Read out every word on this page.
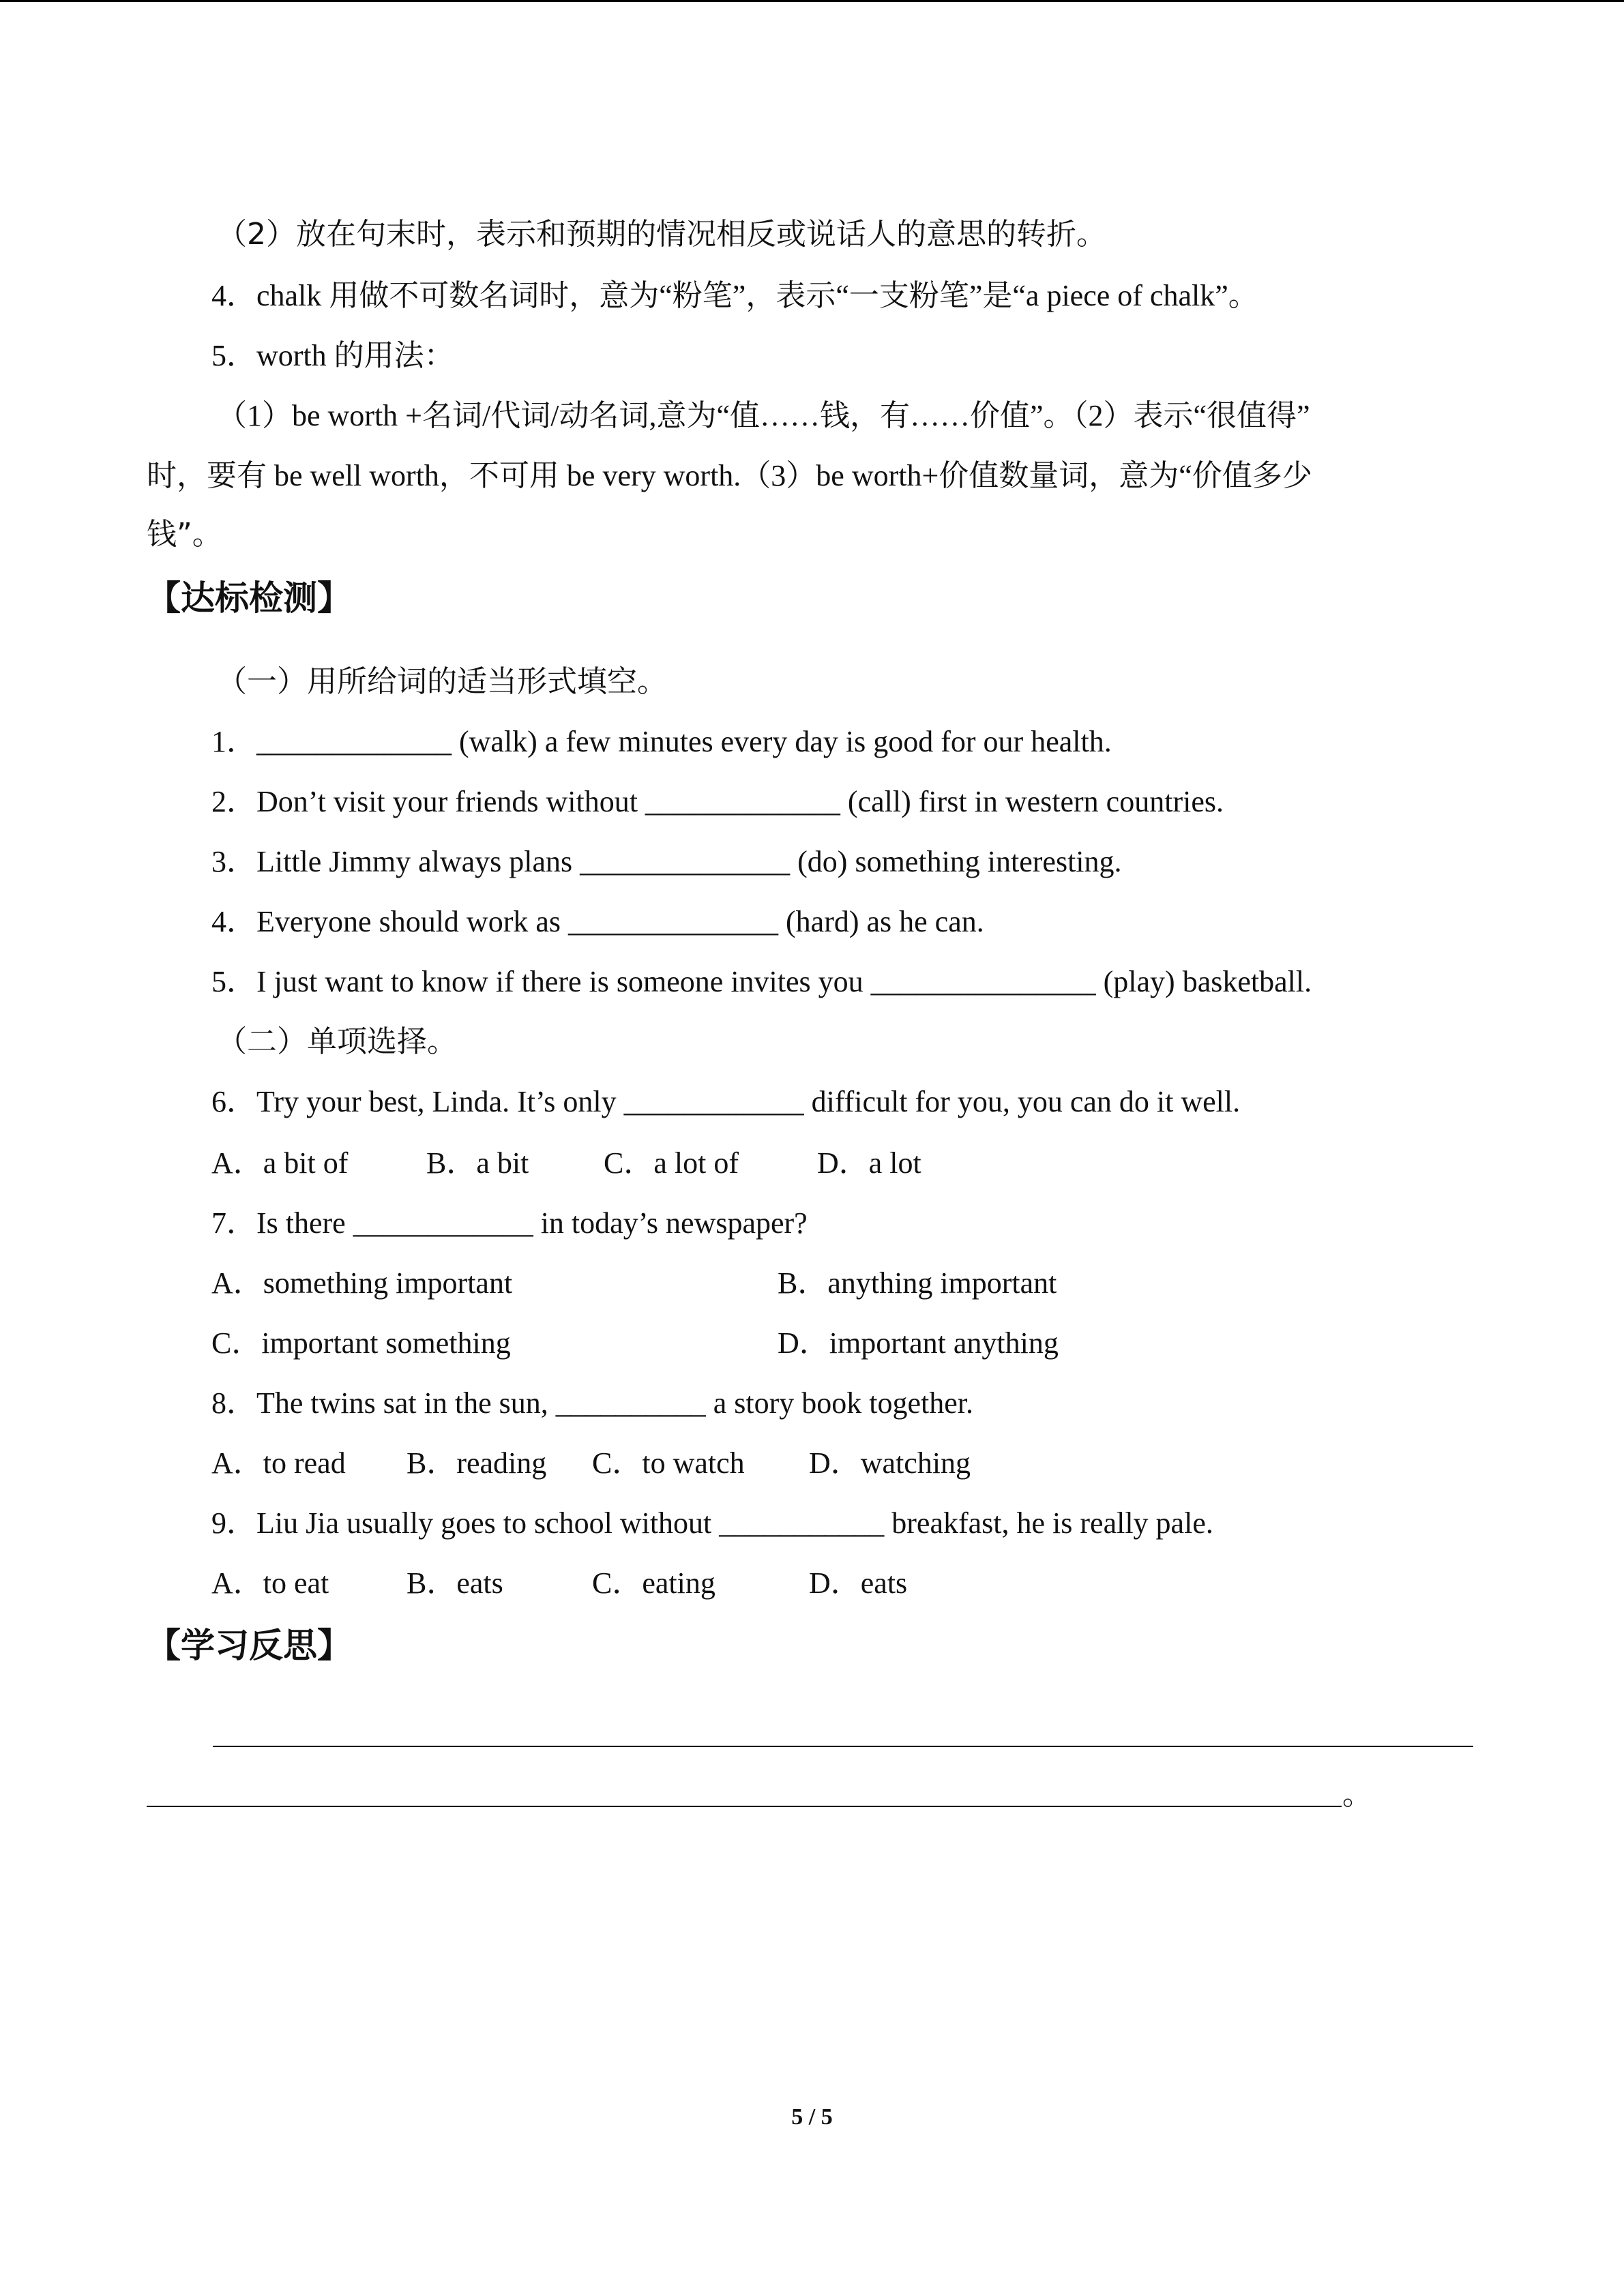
（2）放在句末时，表示和预期的情况相反或说话人的意思的转折。
4．chalk 用做不可数名词时，意为“粉笔”，表示“一支粉笔”是“a piece of chalk”。
5．worth 的用法：
（1）be worth +名词/代词/动名词,意为“值……钱，有……价值”。（2）表示“很值得”
时，要有 be well worth，不可用 be very worth.（3）be worth+价值数量词，意为“价值多少
钱”。
【达标检测】
（一）用所给词的适当形式填空。
1．_____________ (walk) a few minutes every day is good for our health.
2．Don’t visit your friends without _____________ (call) first in western countries.
3．Little Jimmy always plans ______________ (do) something interesting.
4．Everyone should work as ______________ (hard) as he can.
5．I just want to know if there is someone invites you _______________ (play) basketball.
（二）单项选择。
6．Try your best, Linda. It’s only ____________ difficult for you, you can do it well.
A．a bit of	B．a bit C．a lot of	D．a lot
7．Is there ____________ in today’s newspaper?
A．something important	B．anything important
C．important something	D．important anything
8．The twins sat in the sun, __________ a story book together.
A．to read B．reading C．to watch D．watching
9．Liu Jia usually goes to school without ___________ breakfast, he is really pale.
A．to eat	B．eats	C．eating	D．eats
【学习反思】
。
5 / 5
